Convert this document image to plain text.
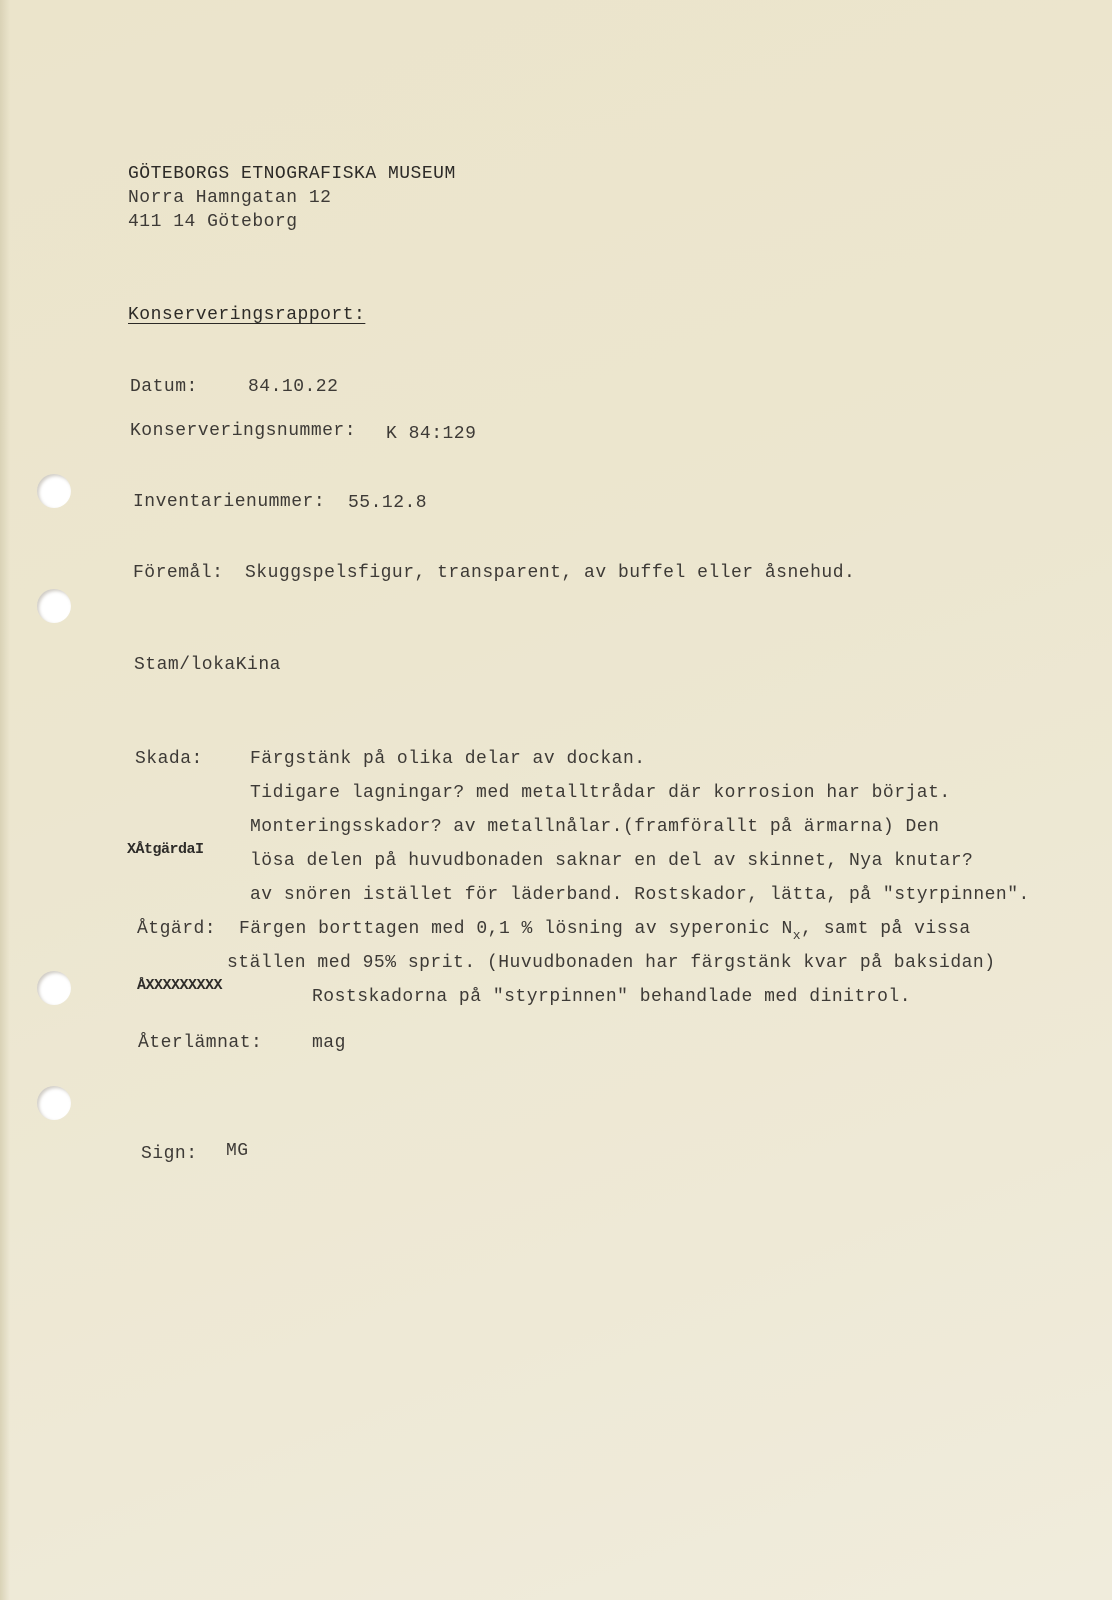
GÖTEBORGS ETNOGRAFISKA MUSEUM
Norra Hamngatan 12
411 14 Göteborg
Konserveringsrapport:
Datum:	84.10.22
Konserveringsnummer: K 84:129
Inventarienummer: 55.12.8
Föremål: Skuggspelsfigur, transparent, av buffel eller åsnehud.
Stam/lokaKina
Skada:	Färgstänk på olika delar av dockan.
Tidigare lagningar? med metalltrådar där korrosion har börjat.
Monteringsskador? av metallnålar.(framförallt på ärmarna) Den
XÅtgärdaI
lösa delen på huvudbonaden saknar en del av skinnet, Nya knutar?
av snören istället för läderband. Rostskador, lätta, på "styrpinnen".
Åtgärd: Färgen borttagen med 0,1 % lösning av syperonic $N_x$, samt på vissa
ställen med 95% sprit. (Huvudbonaden har färgstänk kvar på baksidan)
ÅXXXXXXXXX
Rostskadorna på "styrpinnen" behandlade med dinitrol.
Återlämnat:	mag
Sign: MG
